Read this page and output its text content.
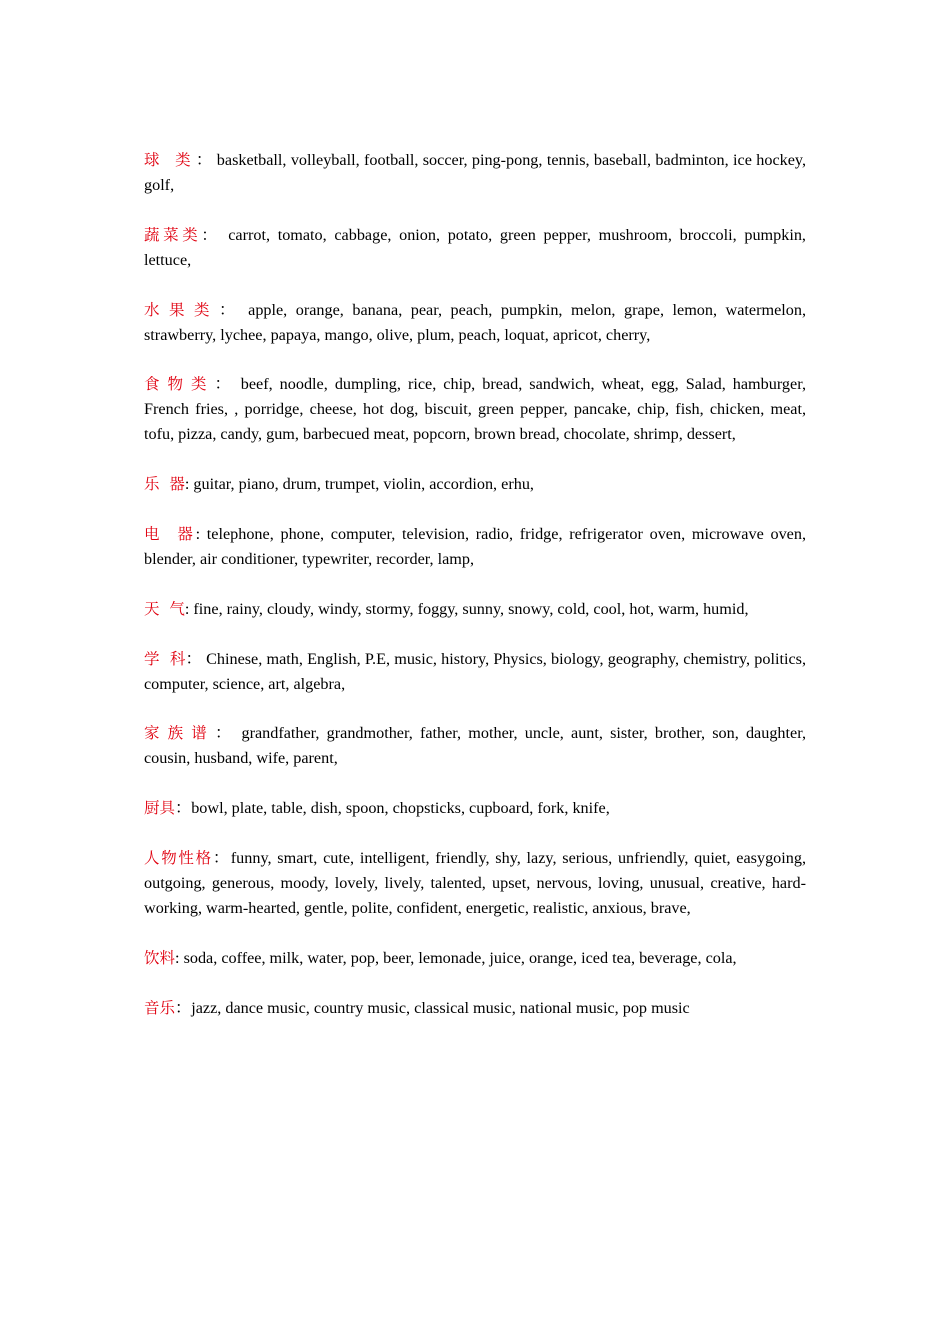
球 类： basketball, volleyball, football, soccer, ping-pong, tennis, baseball, badminton, ice hockey, golf,

蔬菜类： carrot, tomato, cabbage, onion, potato, green pepper, mushroom, broccoli, pumpkin, lettuce,

水果类： apple, orange, banana, pear, peach, pumpkin, melon, grape, lemon, watermelon, strawberry, lychee, papaya, mango, olive, plum, peach, loquat, apricot, cherry,

食物类： beef, noodle, dumpling, rice, chip, bread, sandwich, wheat, egg, Salad, hamburger, French fries, , porridge, cheese, hot dog, biscuit, green pepper, pancake, chip, fish, chicken, meat, tofu, pizza, candy, gum, barbecued meat, popcorn, brown bread, chocolate, shrimp, dessert,

乐  器: guitar, piano, drum, trumpet, violin, accordion, erhu,

电  器: telephone, phone, computer, television, radio, fridge, refrigerator oven, microwave oven, blender, air conditioner, typewriter, recorder, lamp,

天  气: fine, rainy, cloudy, windy, stormy, foggy, sunny, snowy, cold, cool, hot, warm, humid,

学  科： Chinese, math, English, P.E, music, history, Physics, biology, geography, chemistry, politics, computer, science, art, algebra,

家族谱： grandfather, grandmother, father, mother, uncle, aunt, sister, brother, son, daughter, cousin, husband, wife, parent,

厨具：bowl, plate, table, dish, spoon, chopsticks, cupboard, fork, knife,

人物性格：funny, smart, cute, intelligent, friendly, shy, lazy, serious, unfriendly, quiet, easygoing, outgoing, generous, moody, lovely, lively, talented, upset, nervous, loving, unusual, creative, hard-working, warm-hearted, gentle, polite, confident, energetic, realistic, anxious, brave,

饮料: soda, coffee, milk, water, pop, beer, lemonade, juice, orange, iced tea, beverage, cola,

音乐：jazz, dance music, country music, classical music, national music, pop music
